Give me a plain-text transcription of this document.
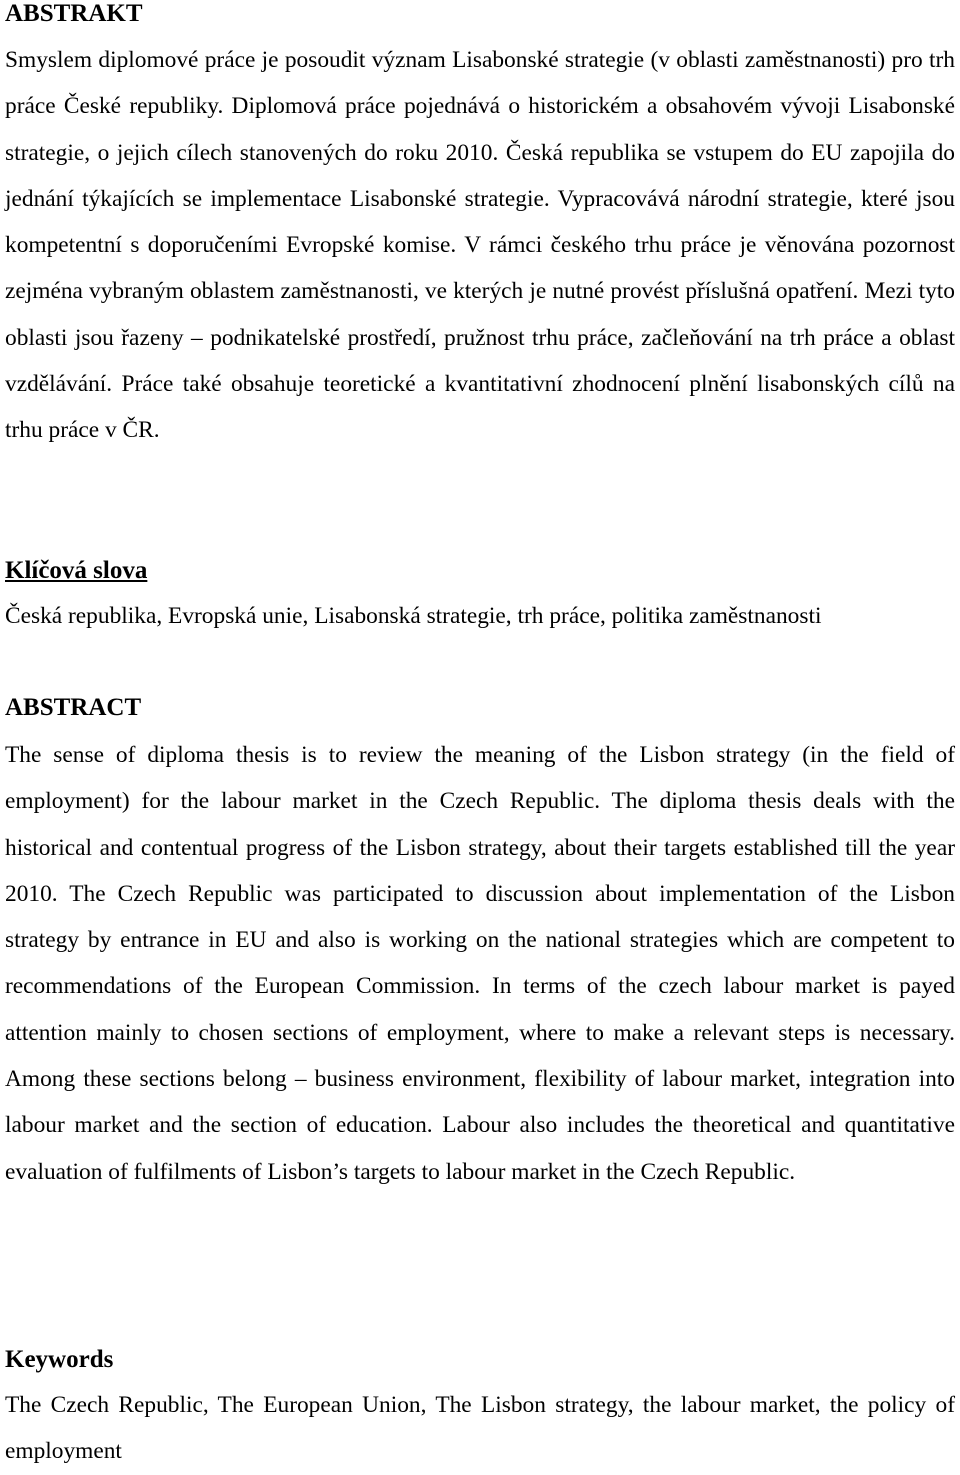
ABSTRAKT

Smyslem diplomové práce je posoudit význam Lisabonské strategie (v oblasti zaměstnanosti) pro trh práce České republiky. Diplomová práce pojednává o historickém a obsahovém vývoji Lisabonské strategie, o jejich cílech stanovených do roku 2010. Česká republika se vstupem do EU zapojila do jednání týkajících se implementace Lisabonské strategie. Vypracovává národní strategie, které jsou kompetentní s doporučeními Evropské komise. V rámci českého trhu práce je věnována pozornost zejména vybraným oblastem zaměstnanosti, ve kterých je nutné provést příslušná opatření. Mezi tyto oblasti jsou řazeny – podnikatelské prostředí, pružnost trhu práce, začleňování na trh práce a oblast vzdělávání. Práce také obsahuje teoretické a kvantitativní zhodnocení plnění lisabonských cílů na trhu práce v ČR.

Klíčová slova

Česká republika, Evropská unie, Lisabonská strategie, trh práce, politika zaměstnanosti

ABSTRACT

The sense of diploma thesis is to review the meaning of the Lisbon strategy (in the field of employment) for the labour market in the Czech Republic. The diploma thesis deals with the historical and contentual progress of the Lisbon strategy, about their targets established till the year 2010. The Czech Republic was participated to discussion about implementation of the Lisbon strategy by entrance in EU and also is working on the national strategies which are competent to recommendations of the European Commission. In terms of the czech labour market is payed attention mainly to chosen sections of employment, where to make a relevant steps is necessary. Among these sections belong – business environment, flexibility of labour market, integration into labour market and the section of education. Labour also includes the theoretical and quantitative evaluation of fulfilments of Lisbon’s targets to labour market in the Czech Republic.

Keywords

The Czech Republic, The European Union, The Lisbon strategy, the labour market, the policy of employment
